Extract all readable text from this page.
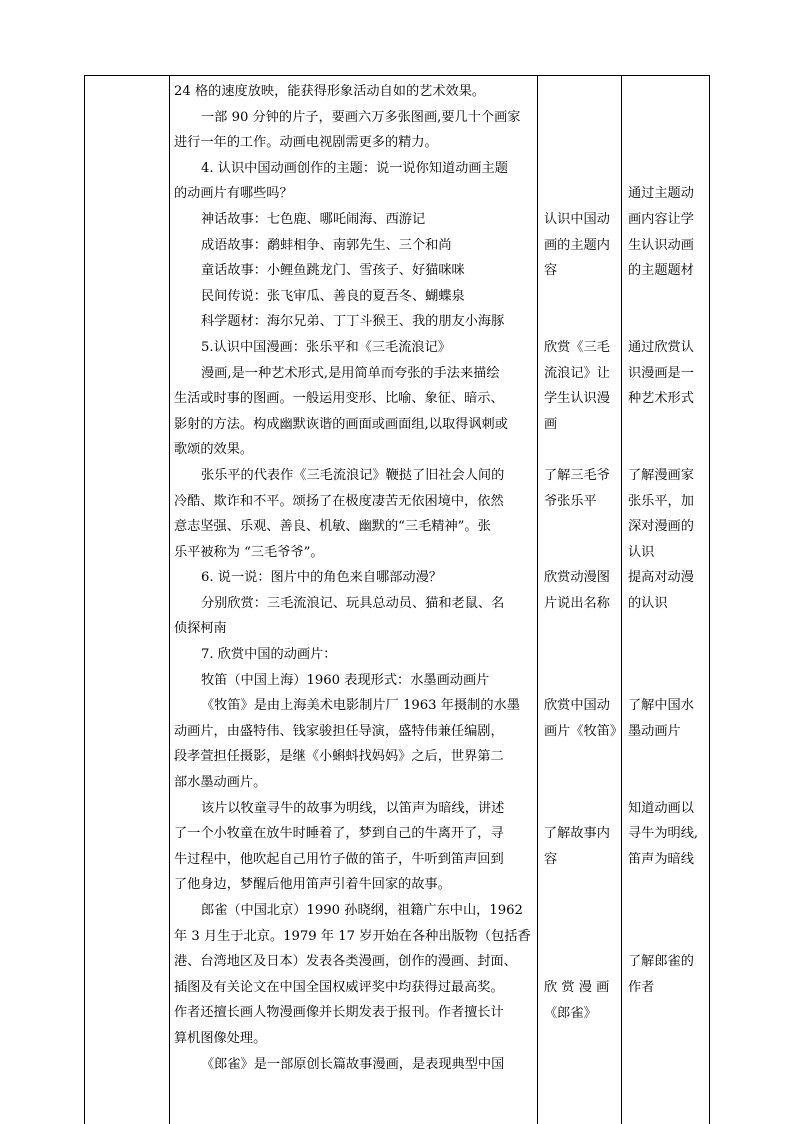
24 格的速度放映，能获得形象活动自如的艺术效果。

一部 90 分钟的片子，要画六万多张图画,要几十个画家

进行一年的工作。动画电视剧需更多的精力。

4. 认识中国动画创作的主题：说一说你知道动画主题

的动画片有哪些吗？

神话故事：七色鹿、哪吒闹海、西游记

成语故事：鹬蚌相争、南郭先生、三个和尚

童话故事：小鲤鱼跳龙门、雪孩子、好猫咪咪

民间传说：张飞审瓜、善良的夏吾冬、蝴蝶泉

科学题材：海尔兄弟、丁丁斗猴王、我的朋友小海豚

5.认识中国漫画：张乐平和《三毛流浪记》

漫画,是一种艺术形式,是用简单而夸张的手法来描绘

生活或时事的图画。一般运用变形、比喻、象征、暗示、

影射的方法。构成幽默诙谐的画面或画面组,以取得讽刺或

歌颂的效果。

张乐平的代表作《三毛流浪记》鞭挞了旧社会人间的

冷酷、欺诈和不平。颂扬了在极度凄苦无依困境中，依然

意志坚强、乐观、善良、机敏、幽默的“三毛精神”。张

乐平被称为 “三毛爷爷”。

6. 说一说：图片中的角色来自哪部动漫？

分别欣赏：三毛流浪记、玩具总动员、猫和老鼠、名

侦探柯南

7. 欣赏中国的动画片：

牧笛（中国上海）1960 表现形式：水墨画动画片

《牧笛》是由上海美术电影制片厂 1963 年摄制的水墨

动画片，由盛特伟、钱家骏担任导演，盛特伟兼任编剧，

段孝萱担任摄影，是继《小蝌蚪找妈妈》之后，世界第二

部水墨动画片。

该片以牧童寻牛的故事为明线，以笛声为暗线，讲述

了一个小牧童在放牛时睡着了，梦到自己的牛离开了，寻

牛过程中，他吹起自己用竹子做的笛子，牛听到笛声回到

了他身边，梦醒后他用笛声引着牛回家的故事。

郎雀（中国北京）1990 孙晓纲，祖籍广东中山，1962

年 3 月生于北京。1979 年 17 岁开始在各种出版物（包括香

港、台湾地区及日本）发表各类漫画，创作的漫画、封面、

插图及有关论文在中国全国权威评奖中均获得过最高奖。

作者还擅长画人物漫画像并长期发表于报刊。作者擅长计

算机图像处理。

《郎雀》是一部原创长篇故事漫画，是表现典型中国

认识中国动

画的主题内

容

欣赏《三毛

流浪记》让

学生认识漫

画

了解三毛爷

爷张乐平

欣赏动漫图

片说出名称

欣赏中国动

画片《牧笛》

了解故事内

容

欣 赏 漫 画

《郎雀》

通过主题动

画内容让学

生认识动画

的主题题材

通过欣赏认

识漫画是一

种艺术形式

了解漫画家

张乐平，加

深对漫画的

认识

提高对动漫

的认识

了解中国水

墨动画片

知道动画以

寻牛为明线,

笛声为暗线

了解郎雀的

作者
